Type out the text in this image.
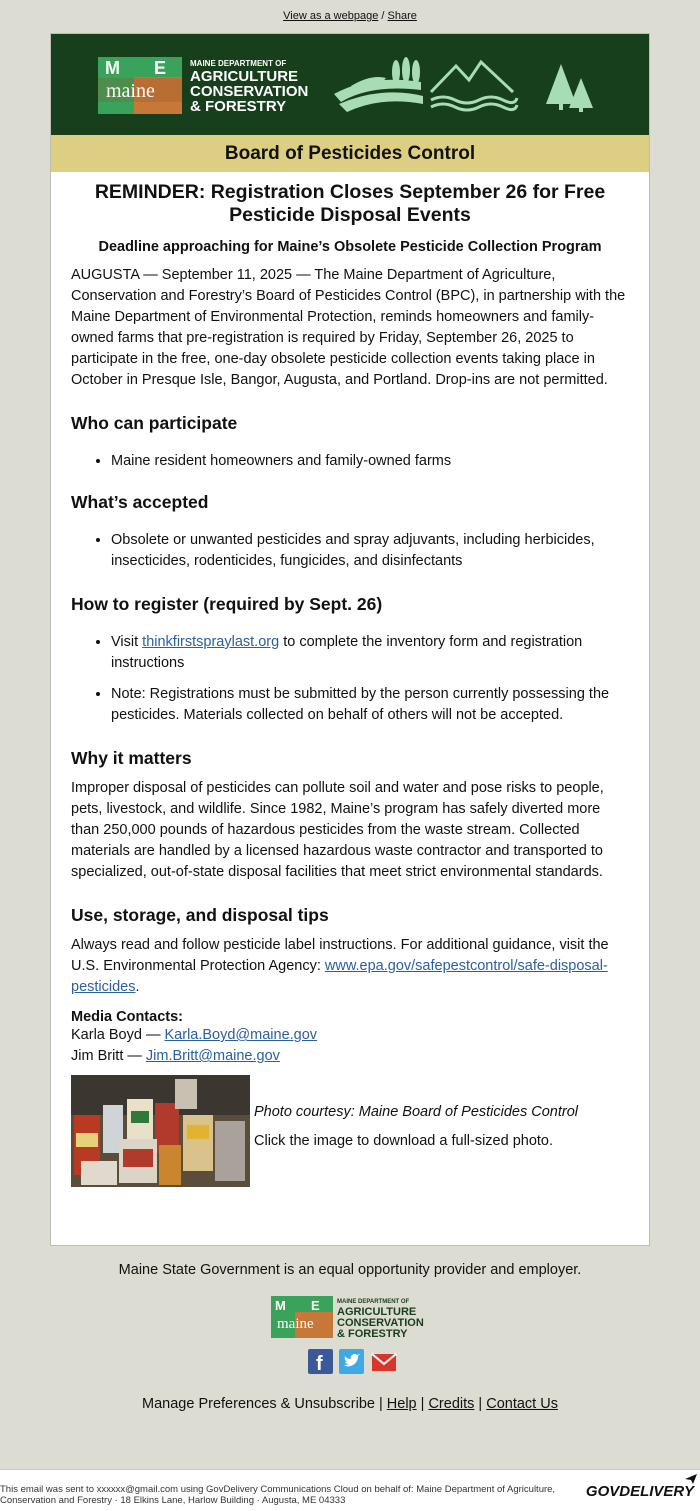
View as a webpage / Share
M E
maine
MAINE DEPARTMENT OF
AGRICULTURE
CONSERVATION
& FORESTRY
Board of Pesticides Control
REMINDER: Registration Closes September 26 for Free
Pesticide Disposal Events
Deadline approaching for Maine’s Obsolete Pesticide Collection Program

AUGUSTA — September 11, 2025 — The Maine Department of Agriculture, Conservation and Forestry’s Board of Pesticides Control (BPC), in partnership with the Maine Department of Environmental Protection, reminds homeowners and family-owned farms that pre-registration is required by Friday, September 26, 2025 to participate in the free, one-day obsolete pesticide collection events taking place in October in Presque Isle, Bangor, Augusta, and Portland. Drop-ins are not permitted.

Who can participate
• Maine resident homeowners and family-owned farms
What’s accepted
• Obsolete or unwanted pesticides and spray adjuvants, including herbicides, insecticides, rodenticides, fungicides, and disinfectants
How to register (required by Sept. 26)
• Visit thinkfirstspraylast.org to complete the inventory form and registration instructions
• Note: Registrations must be submitted by the person currently possessing the pesticides. Materials collected on behalf of others will not be accepted.
Why it matters

Improper disposal of pesticides can pollute soil and water and pose risks to people, pets, livestock, and wildlife. Since 1982, Maine’s program has safely diverted more than 250,000 pounds of hazardous pesticides from the waste stream. Collected materials are handled by a licensed hazardous waste contractor and transported to specialized, out-of-state disposal facilities that meet strict environmental standards.

Use, storage, and disposal tips

Always read and follow pesticide label instructions. For additional guidance, visit the U.S. Environmental Protection Agency: www.epa.gov/safepestcontrol/safe-disposal-pesticides.

Media Contacts:

Karla Boyd — Karla.Boyd@maine.gov

Jim Britt — Jim.Britt@maine.gov

Photo courtesy: Maine Board of Pesticides Control
Click the image to download a full-sized photo.
Maine State Government is an equal opportunity provider and employer.
M E
maine
MAINE DEPARTMENT OF
AGRICULTURE
CONSERVATION
& FORESTRY
f

Manage Preferences & Unsubscribe | Help | Credits | Contact Us
This email was sent to xxxxxx@gmail.com using GovDelivery Communications Cloud on behalf of: Maine Department of Agriculture,
Conservation and Forestry · 18 Elkins Lane, Harlow Building · Augusta, ME 04333
GOVDELIVERY
